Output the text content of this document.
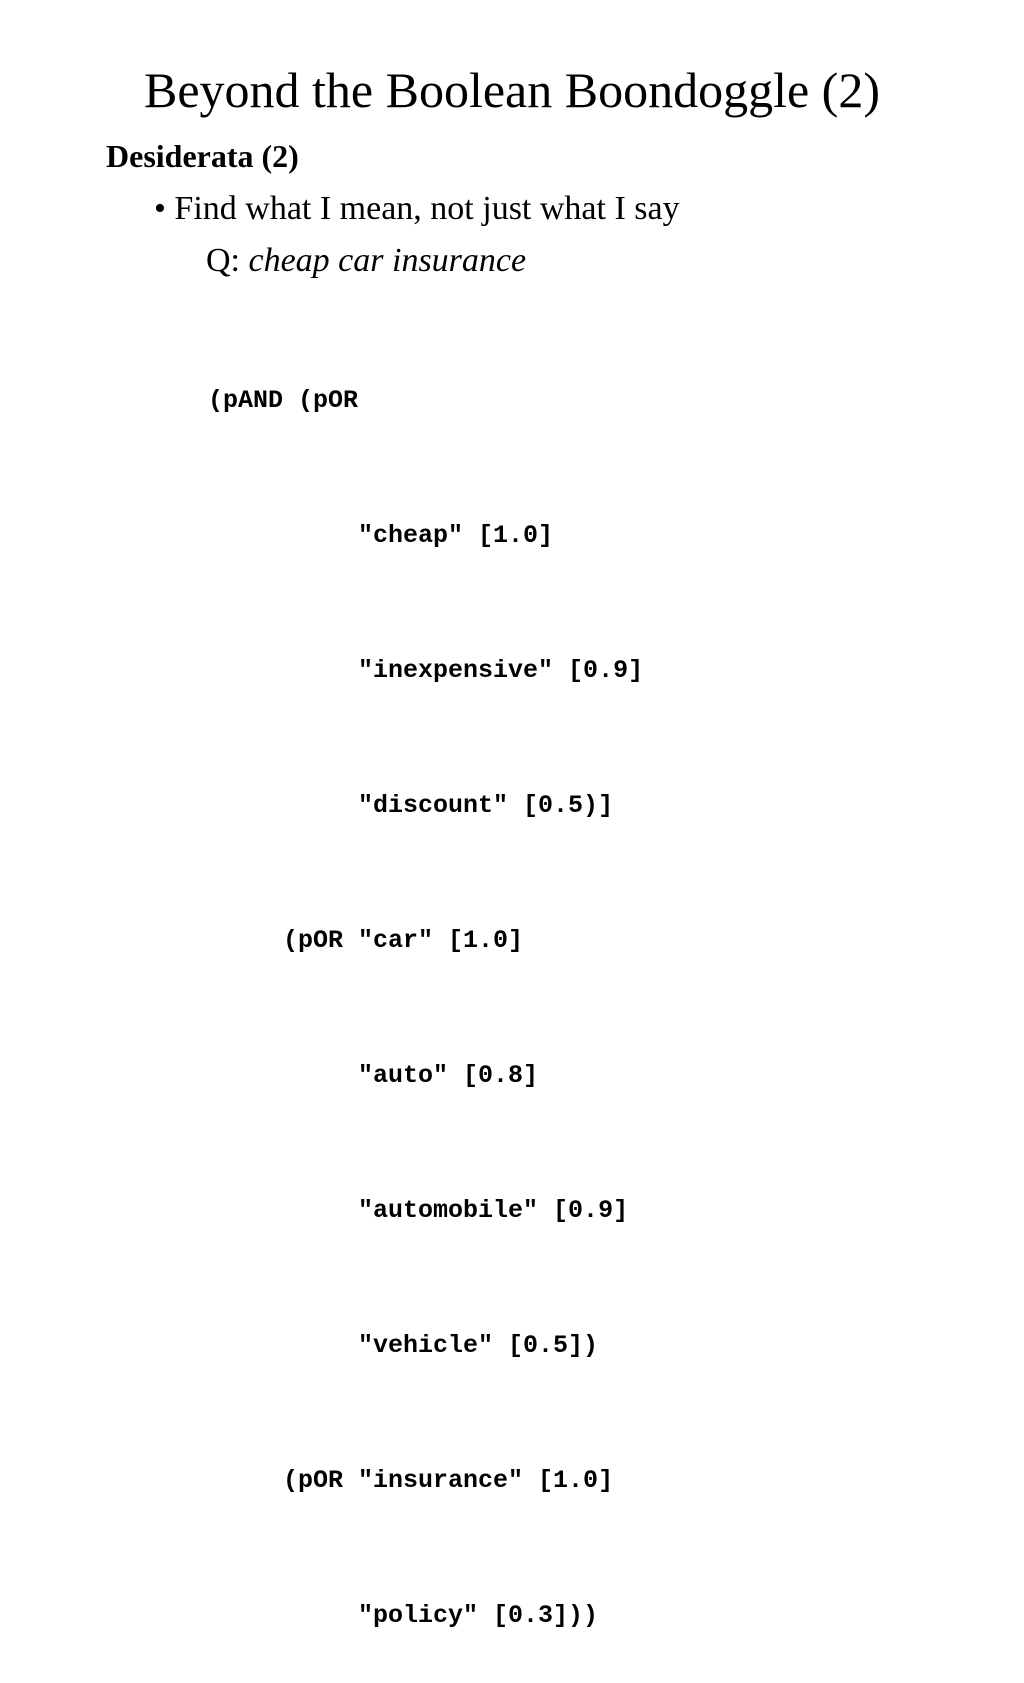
Beyond the Boolean Boondoggle (2)
Desiderata (2)
• Find what I mean, not just what I say
Q: cheap car insurance

(pAND (pOR

"cheap" [1.0]

"inexpensive" [0.9]

"discount" [0.5)]

(pOR "car" [1.0]

"auto" [0.8]

"automobile" [0.9]

"vehicle" [0.5])

(pOR "insurance" [1.0]

"policy" [0.3]))
